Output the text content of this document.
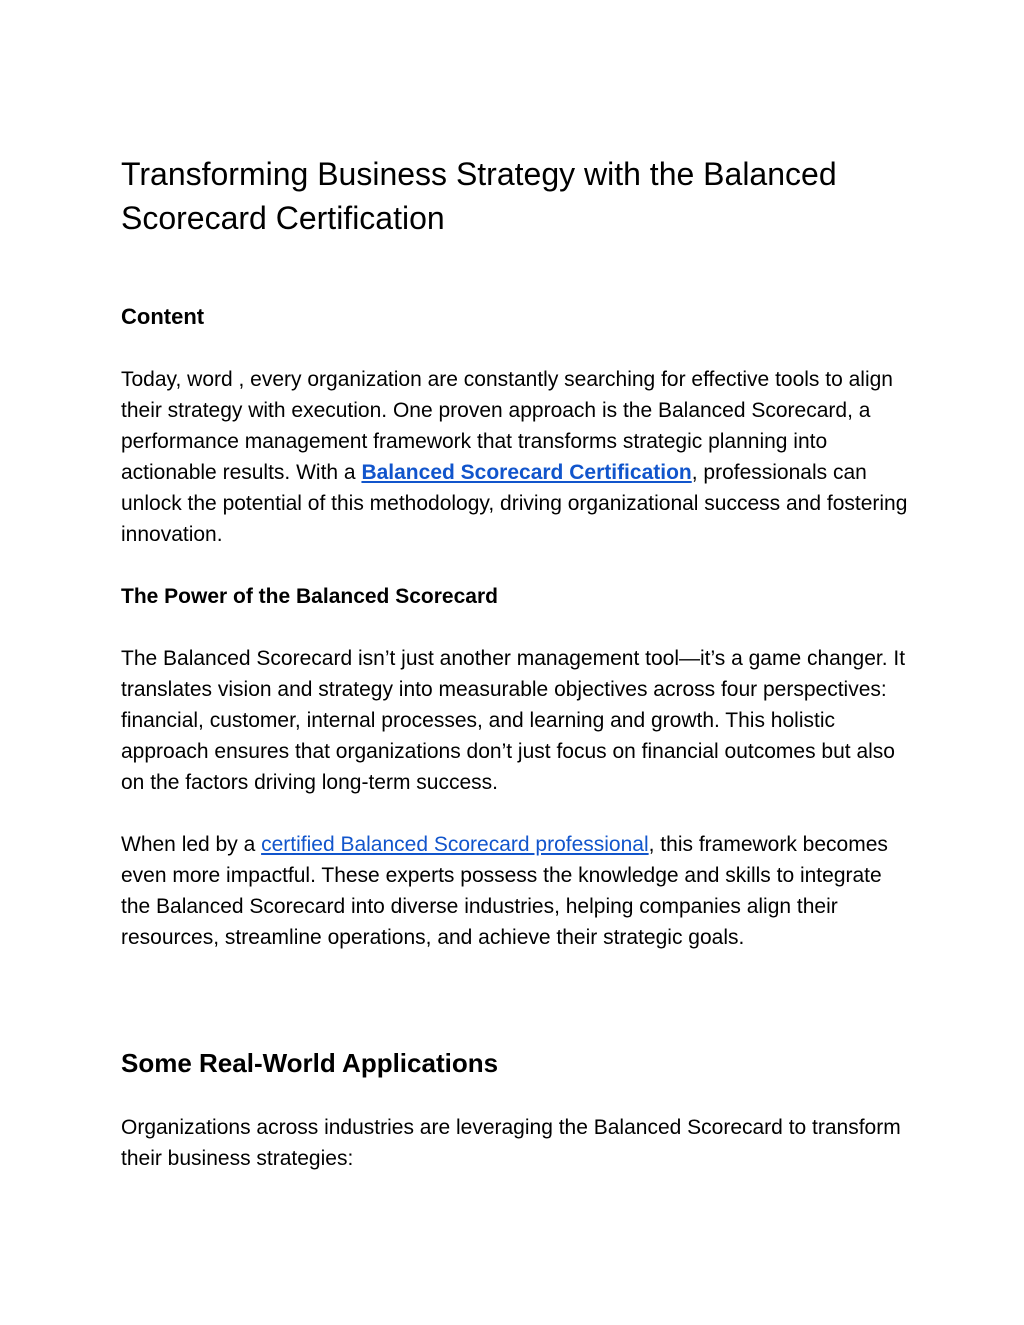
Transforming Business Strategy with the Balanced Scorecard Certification
Content

Today, word , every organization are constantly searching for effective tools to align their strategy with execution. One proven approach is the Balanced Scorecard, a performance management framework that transforms strategic planning into actionable results. With a Balanced Scorecard Certification, professionals can unlock the potential of this methodology, driving organizational success and fostering innovation.

The Power of the Balanced Scorecard

The Balanced Scorecard isn’t just another management tool—it’s a game changer. It translates vision and strategy into measurable objectives across four perspectives: financial, customer, internal processes, and learning and growth. This holistic approach ensures that organizations don’t just focus on financial outcomes but also on the factors driving long-term success.

When led by a certified Balanced Scorecard professional, this framework becomes even more impactful. These experts possess the knowledge and skills to integrate the Balanced Scorecard into diverse industries, helping companies align their resources, streamline operations, and achieve their strategic goals.

Some Real-World Applications

Organizations across industries are leveraging the Balanced Scorecard to transform their business strategies:
